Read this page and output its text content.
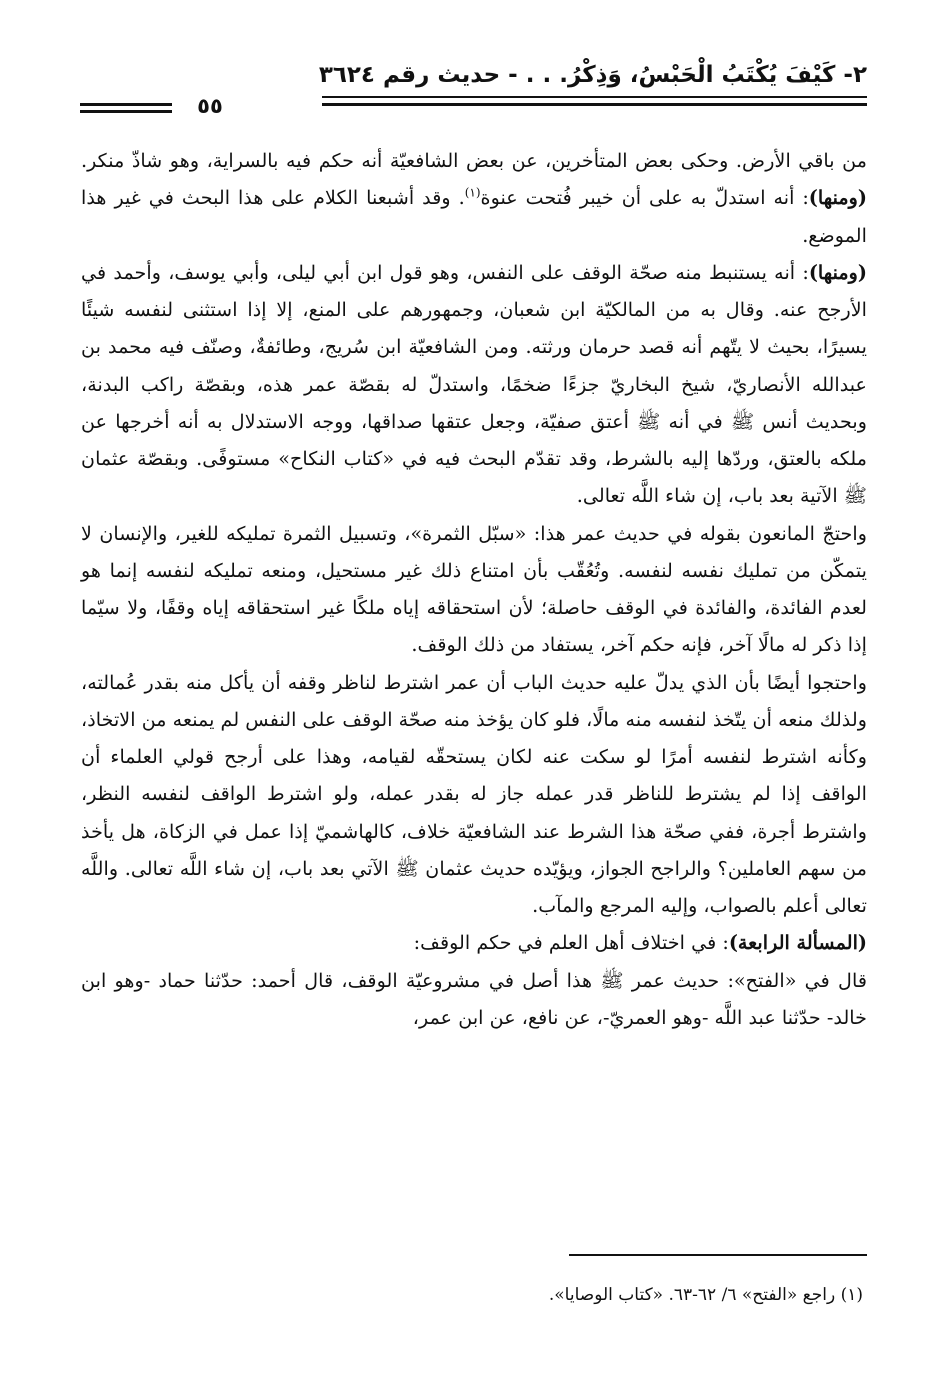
٢- كَيْفَ يُكْتَبُ الْحَبْسُ، وَذِكْرُ. . . - حديث رقم ٣٦٢٤
٥٥

من باقي الأرض. وحكى بعض المتأخرين، عن بعض الشافعيّة أنه حكم فيه بالسراية، وهو شاذّ منكر. (ومنها): أنه استدلّ به على أن خيبر فُتحت عنوة$^{(١)}$. وقد أشبعنا الكلام على هذا البحث في غير هذا الموضع.

(ومنها): أنه يستنبط منه صحّة الوقف على النفس، وهو قول ابن أبي ليلى، وأبي يوسف، وأحمد في الأرجح عنه. وقال به من المالكيّة ابن شعبان، وجمهورهم على المنع، إلا إذا استثنى لنفسه شيئًا يسيرًا، بحيث لا يتّهم أنه قصد حرمان ورثته. ومن الشافعيّة ابن سُريج، وطائفةٌ، وصنّف فيه محمد بن عبدالله الأنصاريّ، شيخ البخاريّ جزءًا ضخمًا، واستدلّ له بقصّة عمر هذه، وبقصّة راكب البدنة، وبحديث أنس ﷺ في أنه ﷺ أعتق صفيّة، وجعل عتقها صداقها، ووجه الاستدلال به أنه أخرجها عن ملكه بالعتق، وردّها إليه بالشرط، وقد تقدّم البحث فيه في «كتاب النكاح» مستوفًى. وبقصّة عثمان ﷺ الآتية بعد باب، إن شاء اللَّه تعالى.

واحتجّ المانعون بقوله في حديث عمر هذا: «سبّل الثمرة»، وتسبيل الثمرة تمليكه للغير، والإنسان لا يتمكّن من تمليك نفسه لنفسه. وتُعُقّب بأن امتناع ذلك غير مستحيل، ومنعه تمليكه لنفسه إنما هو لعدم الفائدة، والفائدة في الوقف حاصلة؛ لأن استحقاقه إياه ملكًا غير استحقاقه إياه وقفًا، ولا سيّما إذا ذكر له مالًا آخر، فإنه حكم آخر، يستفاد من ذلك الوقف.

واحتجوا أيضًا بأن الذي يدلّ عليه حديث الباب أن عمر اشترط لناظر وقفه أن يأكل منه بقدر عُمالته، ولذلك منعه أن يتّخذ لنفسه منه مالًا، فلو كان يؤخذ منه صحّة الوقف على النفس لم يمنعه من الاتخاذ، وكأنه اشترط لنفسه أمرًا لو سكت عنه لكان يستحقّه لقيامه، وهذا على أرجح قولي العلماء أن الواقف إذا لم يشترط للناظر قدر عمله جاز له بقدر عمله، ولو اشترط الواقف لنفسه النظر، واشترط أجرة، ففي صحّة هذا الشرط عند الشافعيّة خلاف، كالهاشميّ إذا عمل في الزكاة، هل يأخذ من سهم العاملين؟ والراجح الجواز، ويؤيّده حديث عثمان ﷺ الآتي بعد باب، إن شاء اللَّه تعالى. واللَّه تعالى أعلم بالصواب، وإليه المرجع والمآب.

(المسألة الرابعة): في اختلاف أهل العلم في حكم الوقف:

قال في «الفتح»: حديث عمر ﷺ هذا أصل في مشروعيّة الوقف، قال أحمد: حدّثنا حماد -وهو ابن خالد- حدّثنا عبد اللَّه -وهو العمريّ-، عن نافع، عن ابن عمر،

(١) راجع «الفتح» ٦/ ٦٢-٦٣. «كتاب الوصايا».
